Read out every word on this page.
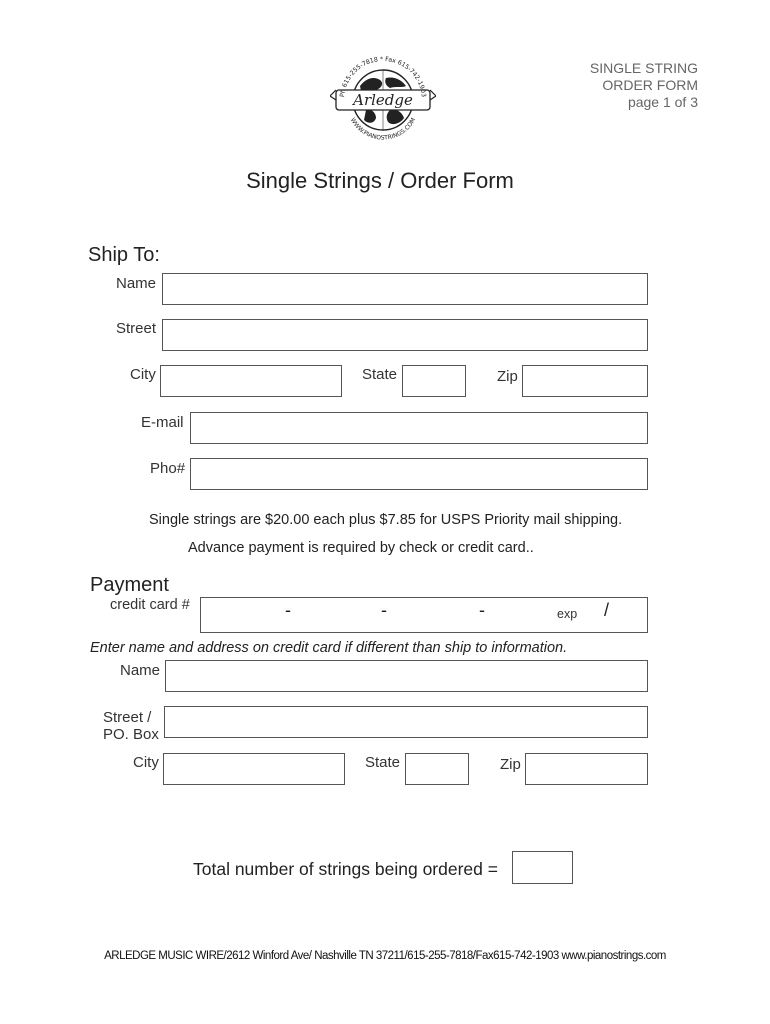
Arledge
Ph 615-255-7818 * Fax 615-742-1903
WWW.PIANOSTRINGS.COM
SINGLE STRING
ORDER FORM
page 1 of 3
Single Strings / Order Form
Ship To:
Name
Street
City	State	Zip
E-mail
Pho#
Single strings are $20.00 each plus $7.85 for USPS Priority mail shipping.
Advance payment is required by check or credit card..
Payment
credit card #	-	-	-	exp /
Enter name and address on credit card if different than ship to information.
Name
Street /
PO. Box
City	State	Zip
Total number of strings being ordered =
ARLEDGE MUSIC WIRE/2612 Winford Ave/ Nashville TN 37211/615-255-7818/Fax615-742-1903 www.pianostrings.com
